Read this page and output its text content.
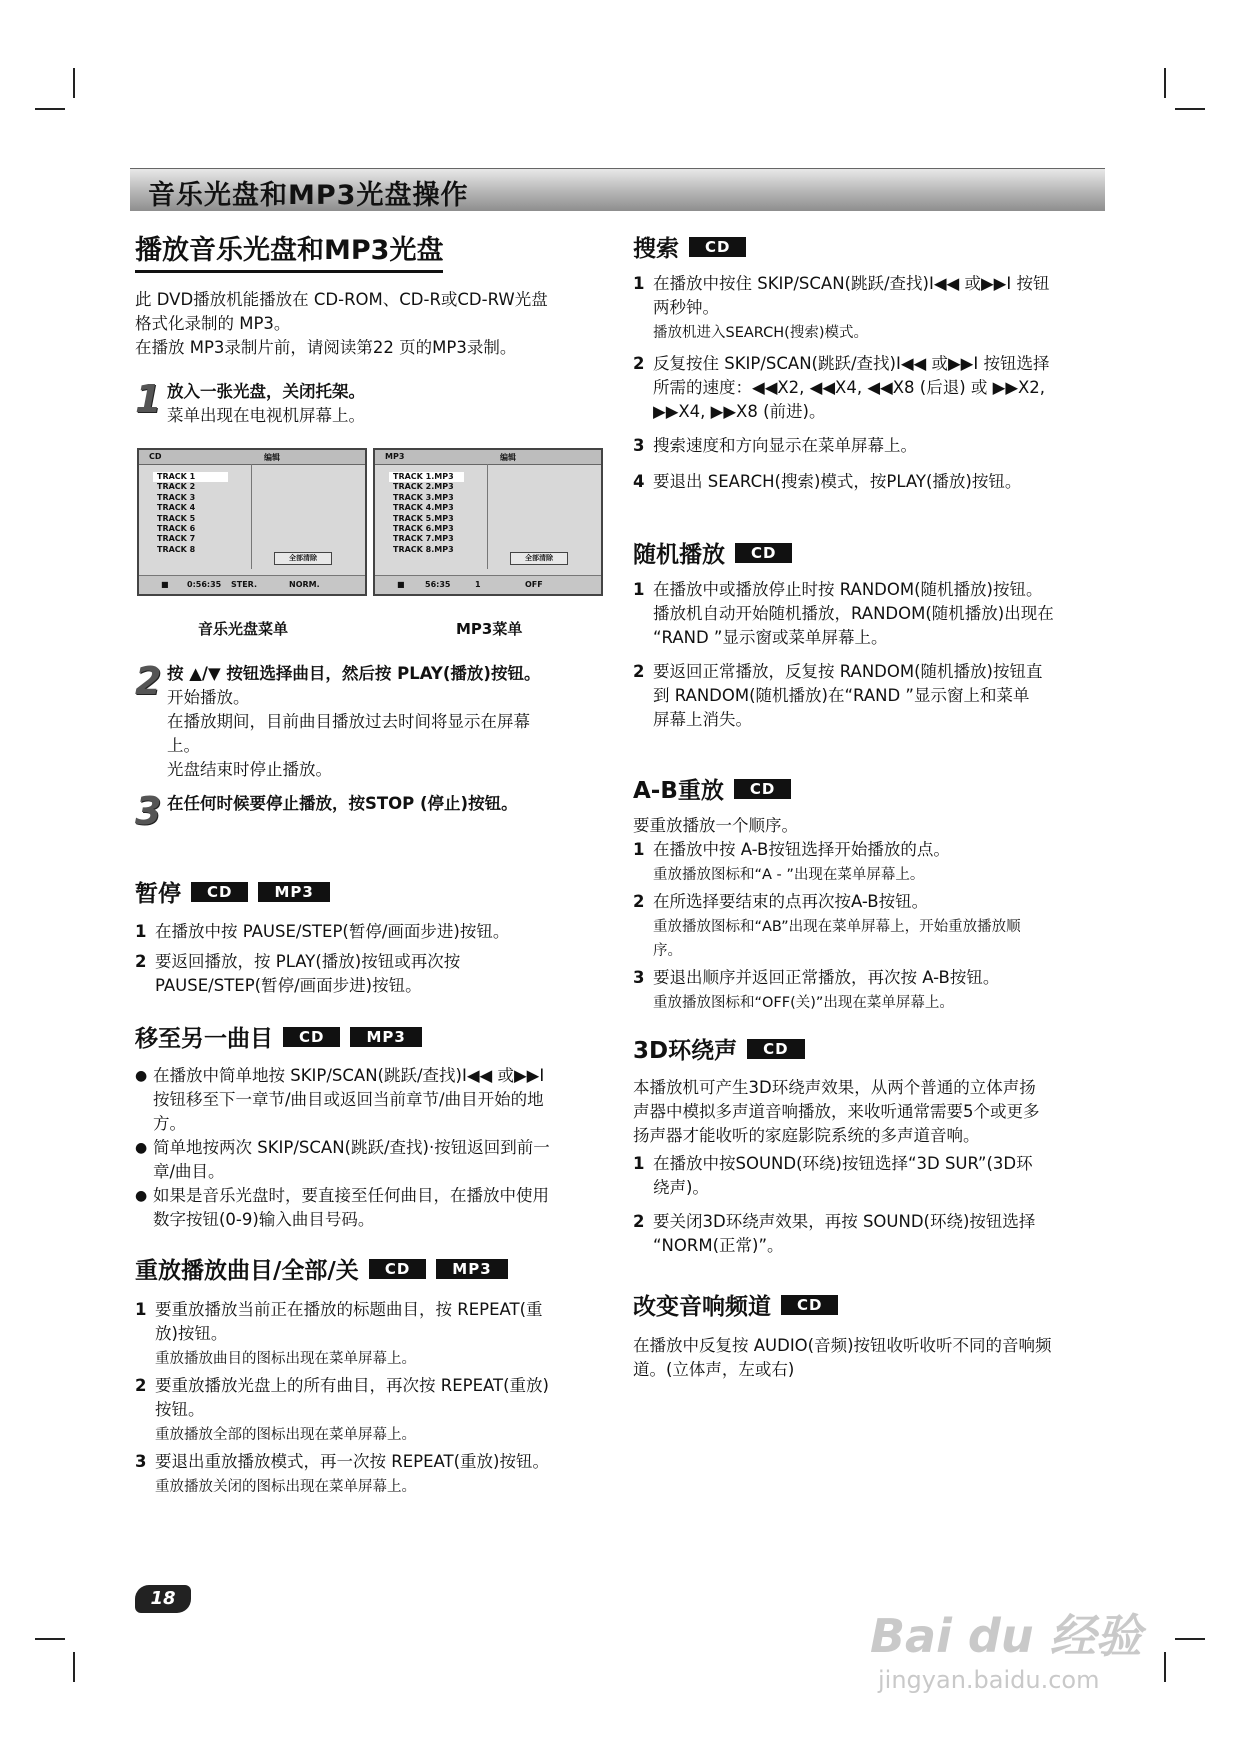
音乐光盘和MP3光盘操作
播放音乐光盘和MP3光盘
此 DVD播放机能播放在 CD-ROM、CD-R或CD-RW光盘
格式化录制的 MP3。
在播放 MP3录制片前，请阅读第22 页的MP3录制。
1 放入一张光盘，关闭托架。
菜单出现在电视机屏幕上。
CD	编辑
TRACK 1
TRACK 2
TRACK 3
TRACK 4
TRACK 5
TRACK 6
TRACK 7
TRACK 8
全部清除
■ 0:56:35 STER.	NORM.
MP3	编辑
TRACK 1.MP3
TRACK 2.MP3
TRACK 3.MP3
TRACK 4.MP3
TRACK 5.MP3
TRACK 6.MP3
TRACK 7.MP3
TRACK 8.MP3
全部清除
■	56:35	1	OFF
音乐光盘菜单	MP3菜单
2 按 ▲/▼ 按钮选择曲目，然后按 PLAY(播放)按钮。
开始播放。
在播放期间，目前曲目播放过去时间将显示在屏幕
上。
光盘结束时停止播放。
3 在任何时候要停止播放，按STOP (停止)按钮。
暂停	CD	MP3
1 在播放中按 PAUSE/STEP(暂停/画面步进)按钮。
2 要返回播放，按 PLAY(播放)按钮或再次按
PAUSE/STEP(暂停/画面步进)按钮。
移至另一曲目	CD	MP3
● 在播放中简单地按 SKIP/SCAN(跳跃/查找)I◀◀ 或▶▶I
按钮移至下一章节/曲目或返回当前章节/曲目开始的地
方。
● 简单地按两次 SKIP/SCAN(跳跃/查找)·按钮返回到前一
章/曲目。
● 如果是音乐光盘时，要直接至任何曲目，在播放中使用
数字按钮(0-9)输入曲目号码。
重放播放曲目/全部/关	CD	MP3
1 要重放播放当前正在播放的标题曲目，按 REPEAT(重
放)按钮。
重放播放曲目的图标出现在菜单屏幕上。
2 要重放播放光盘上的所有曲目，再次按 REPEAT(重放)
按钮。
重放播放全部的图标出现在菜单屏幕上。
3 要退出重放播放模式，再一次按 REPEAT(重放)按钮。
重放播放关闭的图标出现在菜单屏幕上。
18
搜索	CD
1 在播放中按住 SKIP/SCAN(跳跃/查找)I◀◀ 或▶▶I 按钮
两秒钟。
播放机进入SEARCH(搜索)模式。
2 反复按住 SKIP/SCAN(跳跃/查找)I◀◀ 或▶▶I 按钮选择
所需的速度：◀◀X2, ◀◀X4, ◀◀X8 (后退) 或 ▶▶X2,
▶▶X4, ▶▶X8 (前进)。
3 搜索速度和方向显示在菜单屏幕上。
4 要退出 SEARCH(搜索)模式，按PLAY(播放)按钮。
随机播放	CD
1 在播放中或播放停止时按 RANDOM(随机播放)按钮。
播放机自动开始随机播放，RANDOM(随机播放)出现在
“RAND ”显示窗或菜单屏幕上。
2 要返回正常播放，反复按 RANDOM(随机播放)按钮直
到 RANDOM(随机播放)在“RAND ”显示窗上和菜单
屏幕上消失。
A-B重放	CD
要重放播放一个顺序。
1 在播放中按 A-B按钮选择开始播放的点。
重放播放图标和“A - ”出现在菜单屏幕上。
2 在所选择要结束的点再次按A-B按钮。
重放播放图标和“AB”出现在菜单屏幕上，开始重放播放顺
序。
3 要退出顺序并返回正常播放，再次按 A-B按钮。
重放播放图标和“OFF(关)”出现在菜单屏幕上。
3D环绕声	CD
本播放机可产生3D环绕声效果，从两个普通的立体声扬
声器中模拟多声道音响播放，来收听通常需要5个或更多
扬声器才能收听的家庭影院系统的多声道音响。
1 在播放中按SOUND(环绕)按钮选择“3D SUR”(3D环
绕声)。
2 要关闭3D环绕声效果，再按 SOUND(环绕)按钮选择
“NORM(正常)”。
改变音响频道	CD
在播放中反复按 AUDIO(音频)按钮收听收听不同的音响频
道。(立体声，左或右)
Bai du 经验
jingyan.baidu.com
